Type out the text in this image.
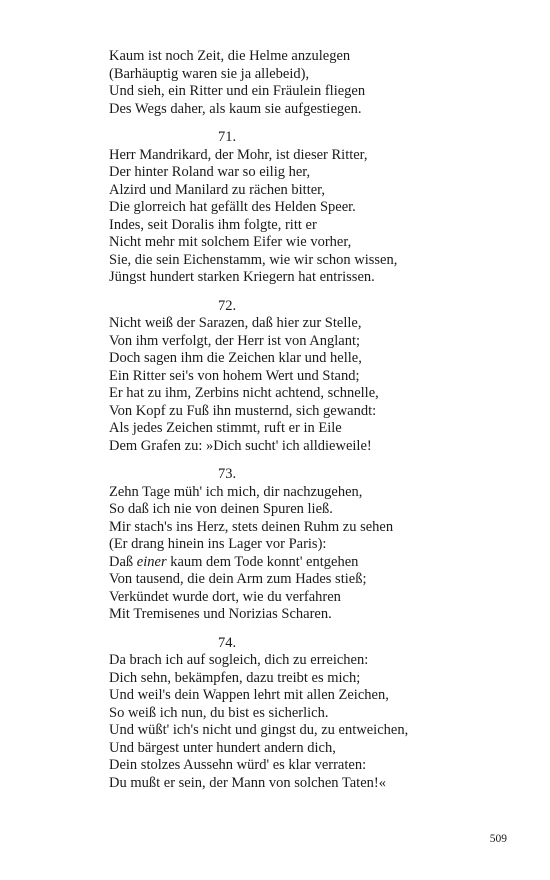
Kaum ist noch Zeit, die Helme anzulegen
(Barhäuptig waren sie ja allebeid),
Und sieh, ein Ritter und ein Fräulein fliegen
Des Wegs daher, als kaum sie aufgestiegen.
71.
Herr Mandrikard, der Mohr, ist dieser Ritter,
Der hinter Roland war so eilig her,
Alzird und Manilard zu rächen bitter,
Die glorreich hat gefällt des Helden Speer.
Indes, seit Doralis ihm folgte, ritt er
Nicht mehr mit solchem Eifer wie vorher,
Sie, die sein Eichenstamm, wie wir schon wissen,
Jüngst hundert starken Kriegern hat entrissen.
72.
Nicht weiß der Sarazen, daß hier zur Stelle,
Von ihm verfolgt, der Herr ist von Anglant;
Doch sagen ihm die Zeichen klar und helle,
Ein Ritter sei's von hohem Wert und Stand;
Er hat zu ihm, Zerbins nicht achtend, schnelle,
Von Kopf zu Fuß ihn musternd, sich gewandt:
Als jedes Zeichen stimmt, ruft er in Eile
Dem Grafen zu: »Dich sucht' ich alldieweile!
73.
Zehn Tage müh' ich mich, dir nachzugehen,
So daß ich nie von deinen Spuren ließ.
Mir stach's ins Herz, stets deinen Ruhm zu sehen
(Er drang hinein ins Lager vor Paris):
Daß einer kaum dem Tode konnt' entgehen
Von tausend, die dein Arm zum Hades stieß;
Verkündet wurde dort, wie du verfahren
Mit Tremisenes und Norizias Scharen.
74.
Da brach ich auf sogleich, dich zu erreichen:
Dich sehn, bekämpfen, dazu treibt es mich;
Und weil's dein Wappen lehrt mit allen Zeichen,
So weiß ich nun, du bist es sicherlich.
Und wüßt' ich's nicht und gingst du, zu entweichen,
Und bärgest unter hundert andern dich,
Dein stolzes Aussehn würd' es klar verraten:
Du mußt er sein, der Mann von solchen Taten!«
509
